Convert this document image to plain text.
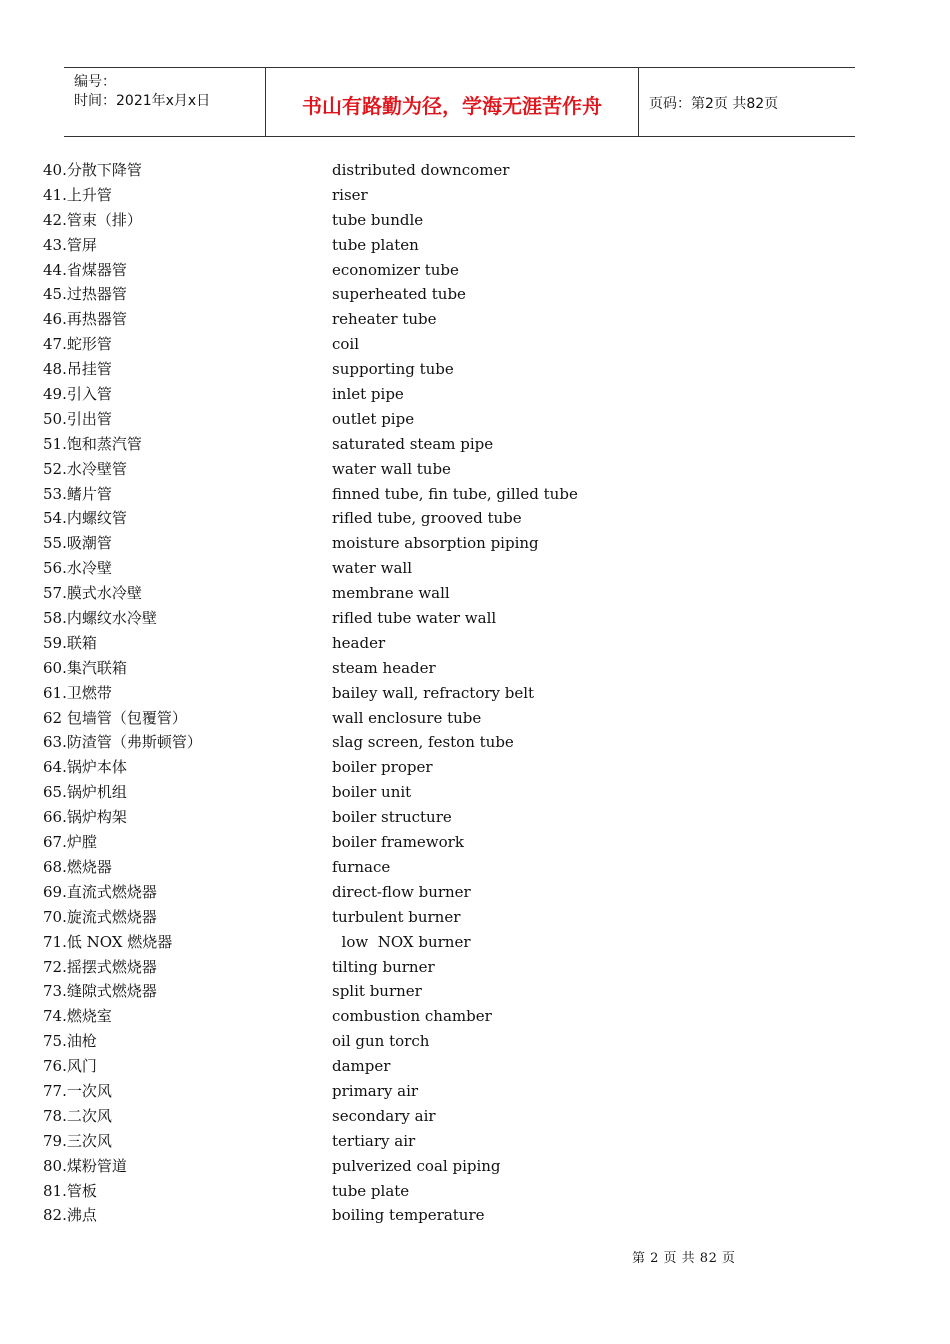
编号：
时间：2021年x月x日	书山有路勤为径，学海无涯苦作舟	页码：第2页 共82页
40.分散下降管	distributed downcomer
41.上升管	riser
42.管束（排）	tube bundle
43.管屏	tube platen
44.省煤器管	economizer tube
45.过热器管	superheated tube
46.再热器管	reheater tube
47.蛇形管	coil
48.吊挂管	supporting tube
49.引入管	inlet pipe
50.引出管	outlet pipe
51.饱和蒸汽管	saturated steam pipe
52.水冷壁管	water wall tube
53.鳍片管	finned tube, fin tube, gilled tube
54.内螺纹管	rifled tube, grooved tube
55.吸潮管	moisture absorption piping
56.水冷壁	water wall
57.膜式水冷壁	membrane wall
58.内螺纹水冷壁	rifled tube water wall
59.联箱	header
60.集汽联箱	steam header
61.卫燃带	bailey wall, refractory belt
62 包墙管（包覆管）	wall enclosure tube
63.防渣管（弗斯顿管）	slag screen, feston tube
64.锅炉本体	boiler proper
65.锅炉机组	boiler unit
66.锅炉构架	boiler structure
67.炉膛	boiler framework
68.燃烧器	furnace
69.直流式燃烧器	direct-flow burner
70.旋流式燃烧器	turbulent burner
71.低 NOX 燃烧器	low  NOX burner
72.摇摆式燃烧器	tilting burner
73.缝隙式燃烧器	split burner
74.燃烧室	combustion chamber
75.油枪	oil gun torch
76.风门	damper
77.一次风	primary air
78.二次风	secondary air
79.三次风	tertiary air
80.煤粉管道	pulverized coal piping
81.管板	tube plate
82.沸点	boiling temperature
第 2 页 共 82 页
